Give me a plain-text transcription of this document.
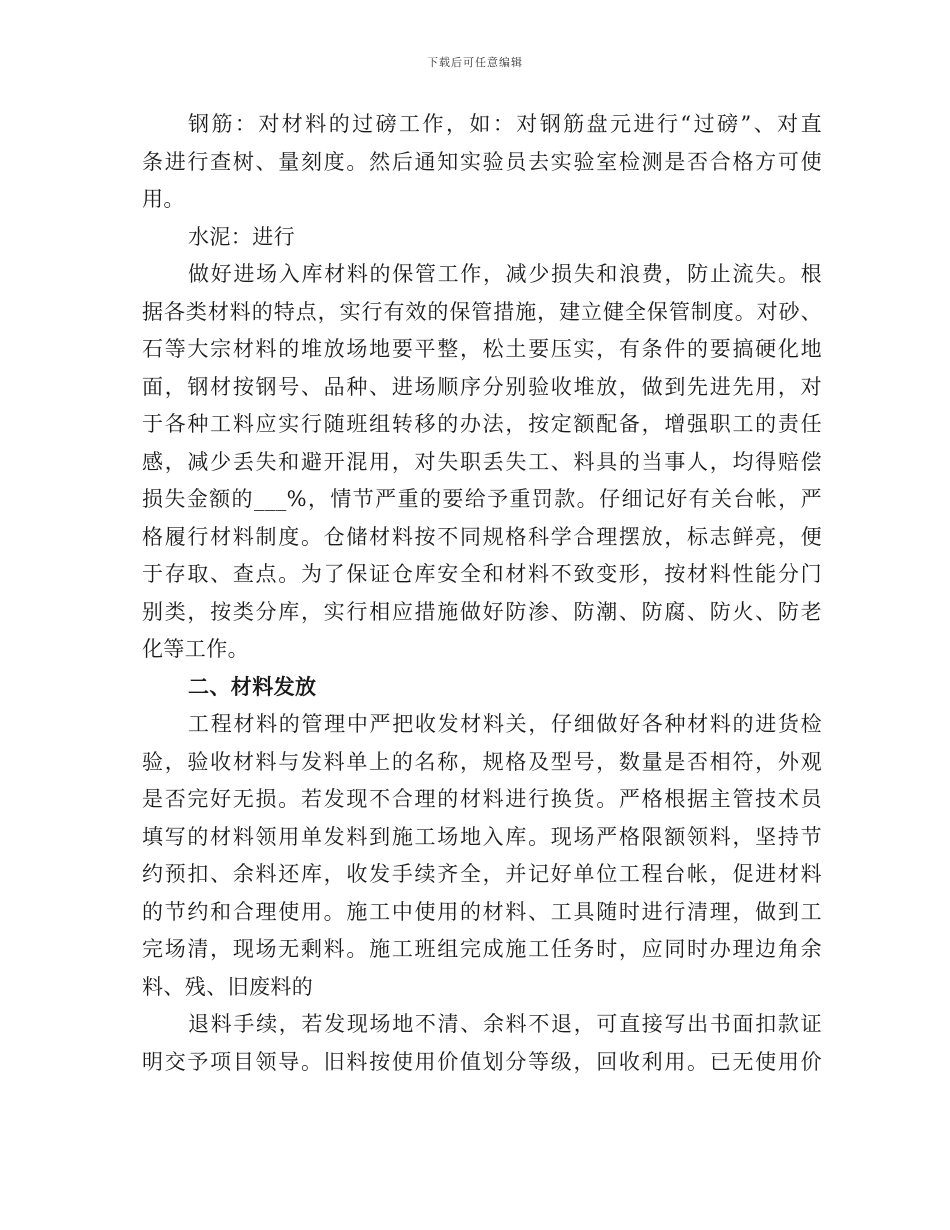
下载后可任意编辑
钢筋：对材料的过磅工作，如：对钢筋盘元进行“过磅”、对直
条进行查树、量刻度。然后通知实验员去实验室检测是否合格方可使
用。
水泥：进行
做好进场入库材料的保管工作，减少损失和浪费，防止流失。根
据各类材料的特点，实行有效的保管措施，建立健全保管制度。对砂、
石等大宗材料的堆放场地要平整，松土要压实，有条件的要搞硬化地
面，钢材按钢号、品种、进场顺序分别验收堆放，做到先进先用，对
于各种工料应实行随班组转移的办法，按定额配备，增强职工的责任
感，减少丢失和避开混用，对失职丢失工、料具的当事人，均得赔偿
损失金额的___%，情节严重的要给予重罚款。仔细记好有关台帐，严
格履行材料制度。仓储材料按不同规格科学合理摆放，标志鲜亮，便
于存取、查点。为了保证仓库安全和材料不致变形，按材料性能分门
别类，按类分库，实行相应措施做好防渗、防潮、防腐、防火、防老
化等工作。
二、材料发放
工程材料的管理中严把收发材料关，仔细做好各种材料的进货检
验，验收材料与发料单上的名称，规格及型号，数量是否相符，外观
是否完好无损。若发现不合理的材料进行换货。严格根据主管技术员
填写的材料领用单发料到施工场地入库。现场严格限额领料，坚持节
约预扣、余料还库，收发手续齐全，并记好单位工程台帐，促进材料
的节约和合理使用。施工中使用的材料、工具随时进行清理，做到工
完场清，现场无剩料。施工班组完成施工任务时，应同时办理边角余
料、残、旧废料的
退料手续，若发现场地不清、余料不退，可直接写出书面扣款证
明交予项目领导。旧料按使用价值划分等级，回收利用。已无使用价
